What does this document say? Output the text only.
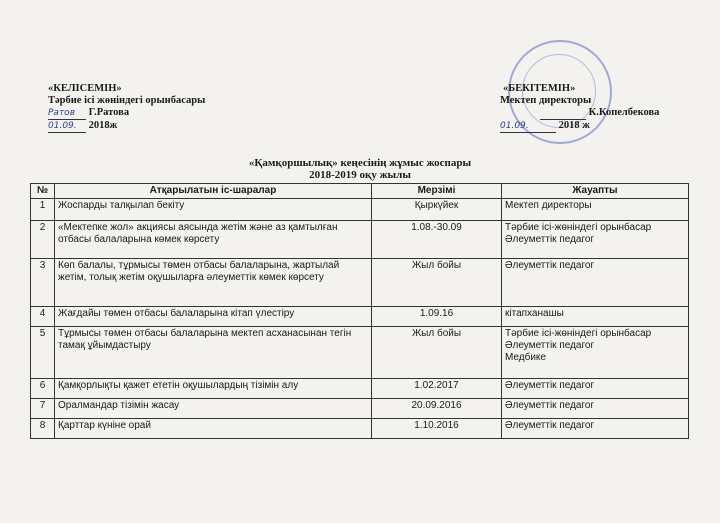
«КЕЛІСЕМІН»
Тәрбие ісі жөніндегі орынбасары
Ратов Г.Ратова
01.09. 2018ж
«БЕКІТЕМІН»
Мектеп директоры
К.Копелбекова
01.09.	2018 ж
«Қамқоршылық» кеңесінің жұмыс жоспары
2018-2019 оқу жылы
№	Атқарылатын іс-шаралар	Мерзімі	Жауапты
1	Жоспарды талқылап бекіту	Қыркүйек	Мектеп директоры

2	«Мектепке жол» акциясы аясында жетім және аз қамтылған отбасы балаларына көмек көрсету	1.08.-30.09	Тәрбие ісі-жөніндегі орынбасар
Әлеуметтік педагог

3	Көп балалы, тұрмысы төмен отбасы балаларына, жартылай жетім, толық жетім оқушыларға әлеуметтік көмек көрсету	Жыл бойы	Әлеуметтік педагог

4	Жағдайы төмен отбасы балаларына кітап үлестіру	1.09.16	кітапханашы

5	Тұрмысы төмен отбасы балаларына мектеп асханасынан тегін тамақ ұйымдастыру	Жыл бойы	Тәрбие ісі-жөніндегі орынбасар
Әлеуметтік педагог
Медбике

6	Қамқорлықты қажет ететін оқушылардың тізімін алу	1.02.2017	Әлеуметтік педагог

7	Оралмандар тізімін жасау	20.09.2016	Әлеуметтік педагог

8	Қарттар күніне орай	1.10.2016	Әлеуметтік педагог
